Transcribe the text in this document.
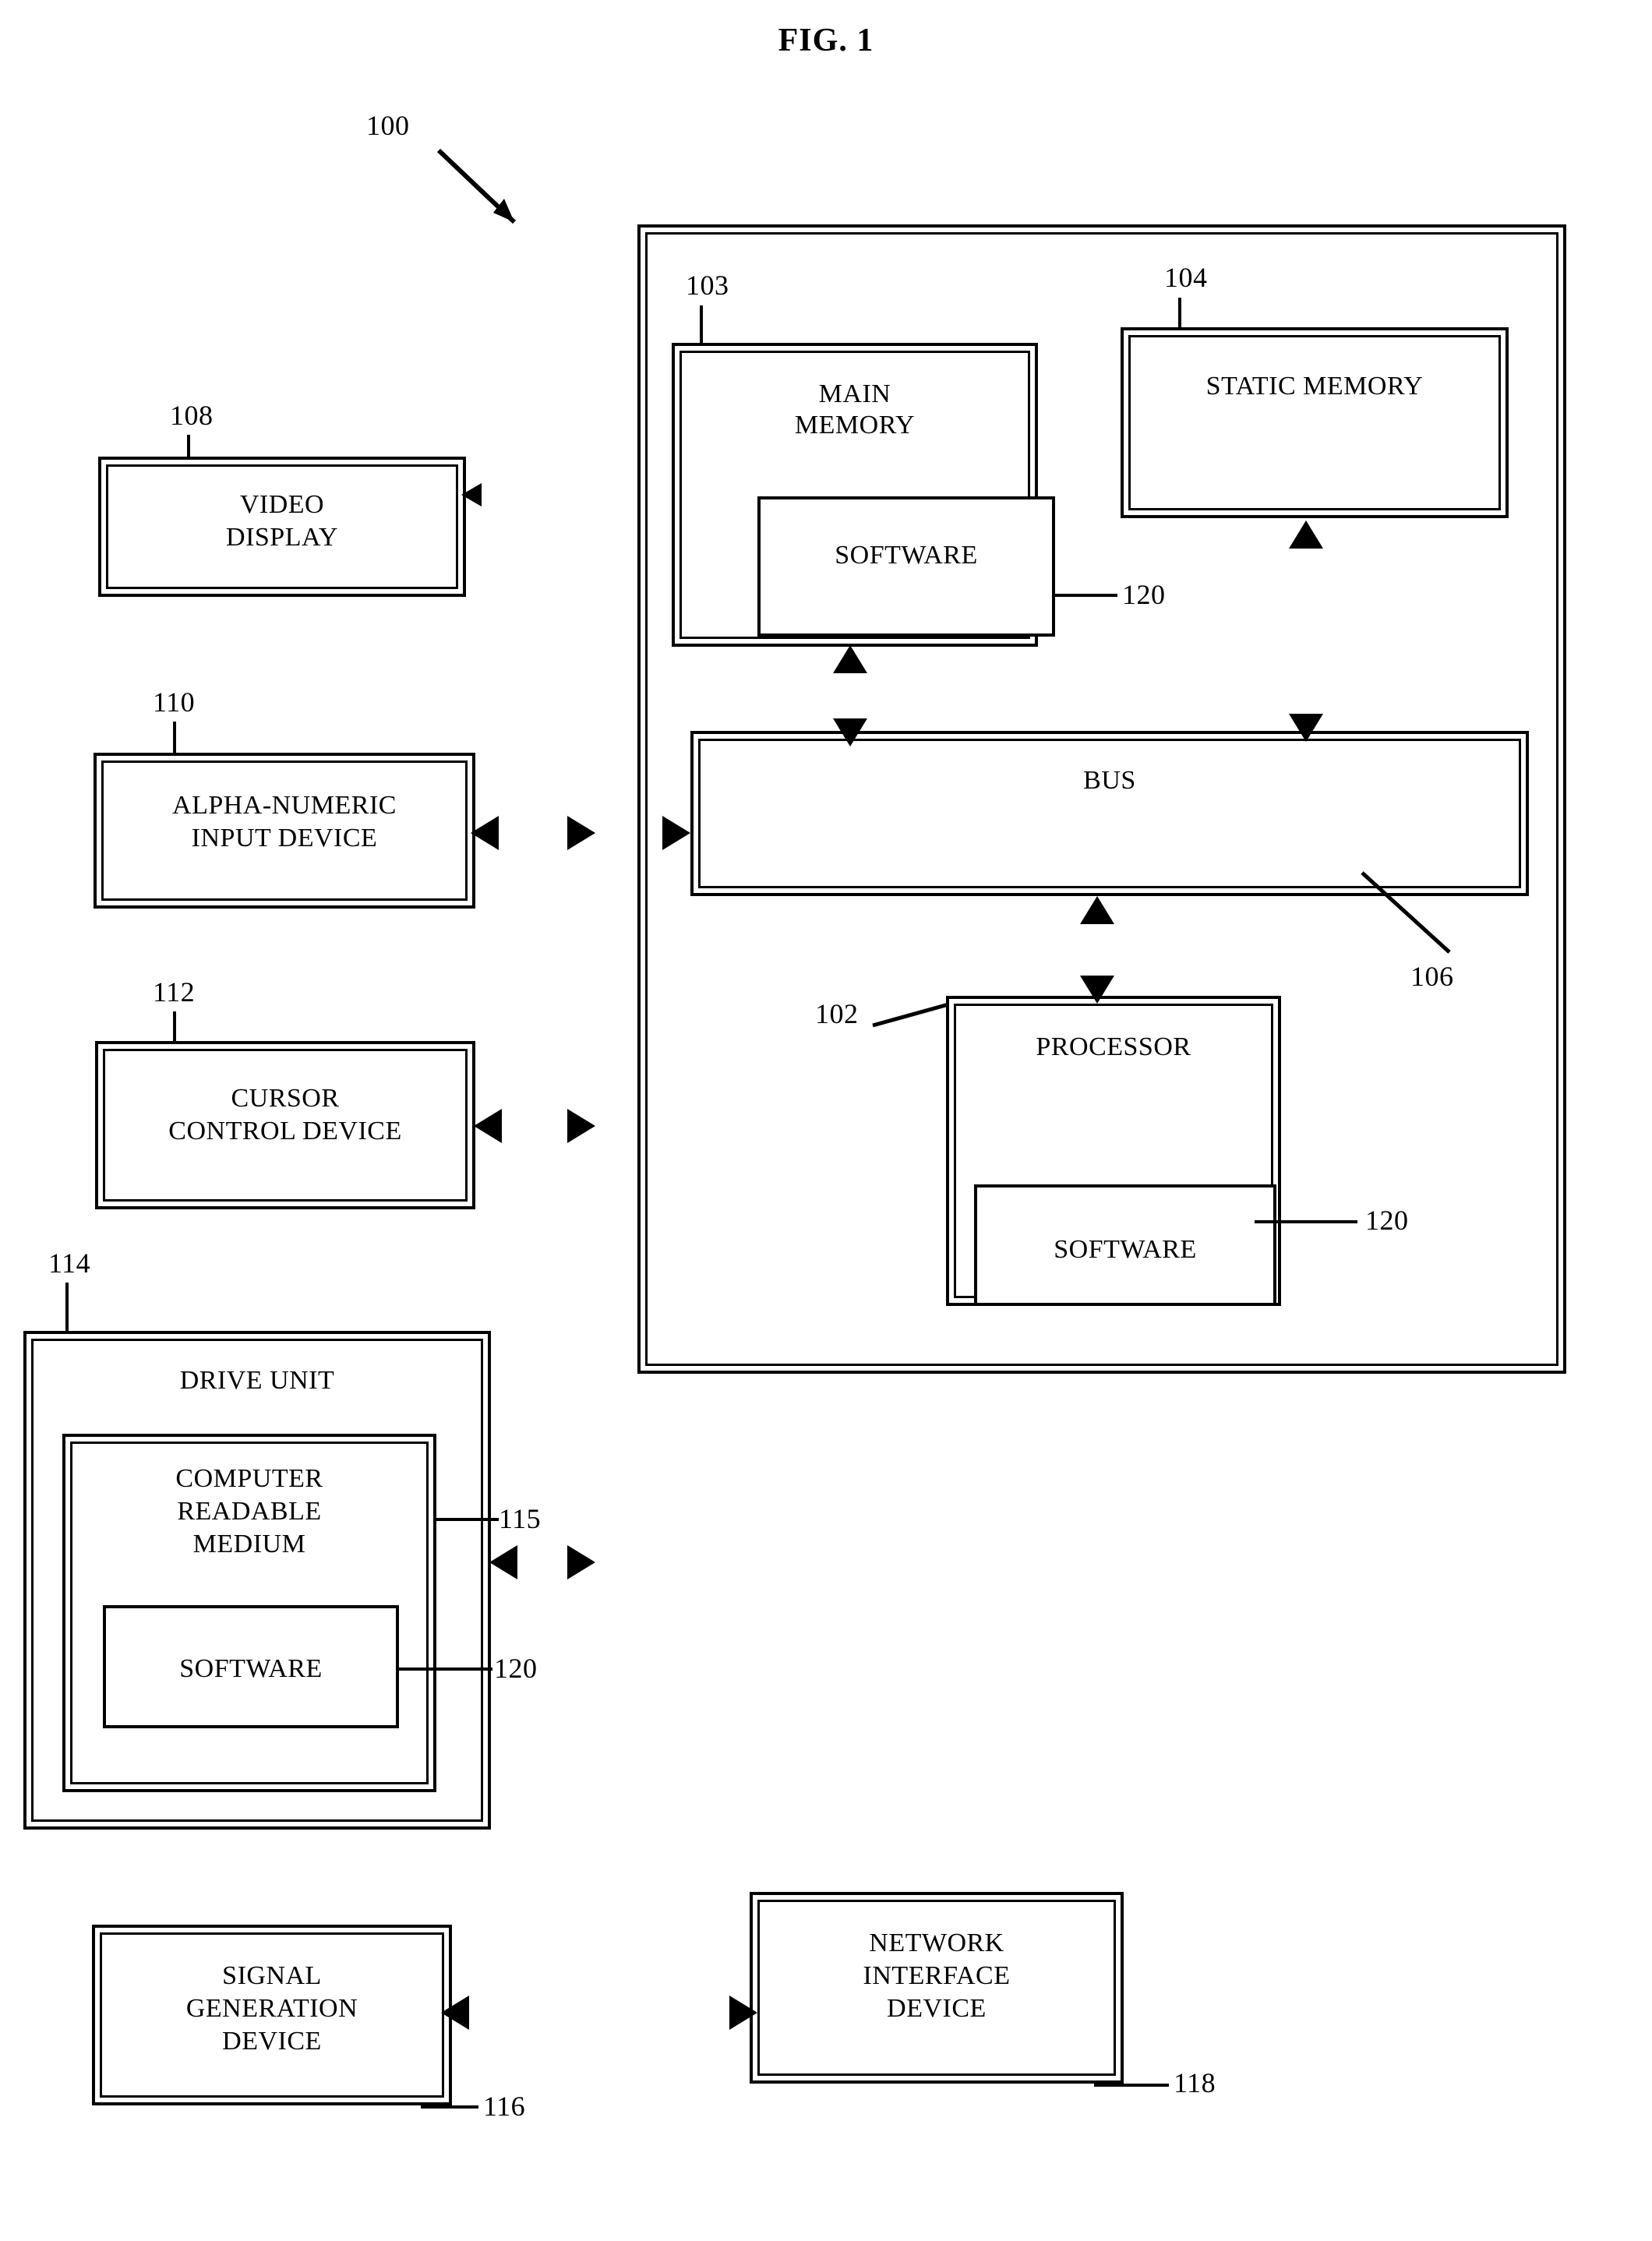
FIG. 1
100
103
MAIN
MEMORY
SOFTWARE
120
104
STATIC MEMORY
BUS
106
102
PROCESSOR
SOFTWARE
120
108
VIDEO
DISPLAY
110
ALPHA-NUMERIC
INPUT DEVICE
112
CURSOR
CONTROL DEVICE
114
DRIVE UNIT
COMPUTER
READABLE
MEDIUM
115
SOFTWARE	120
SIGNAL
GENERATION
DEVICE
116
NETWORK
INTERFACE
DEVICE
118
